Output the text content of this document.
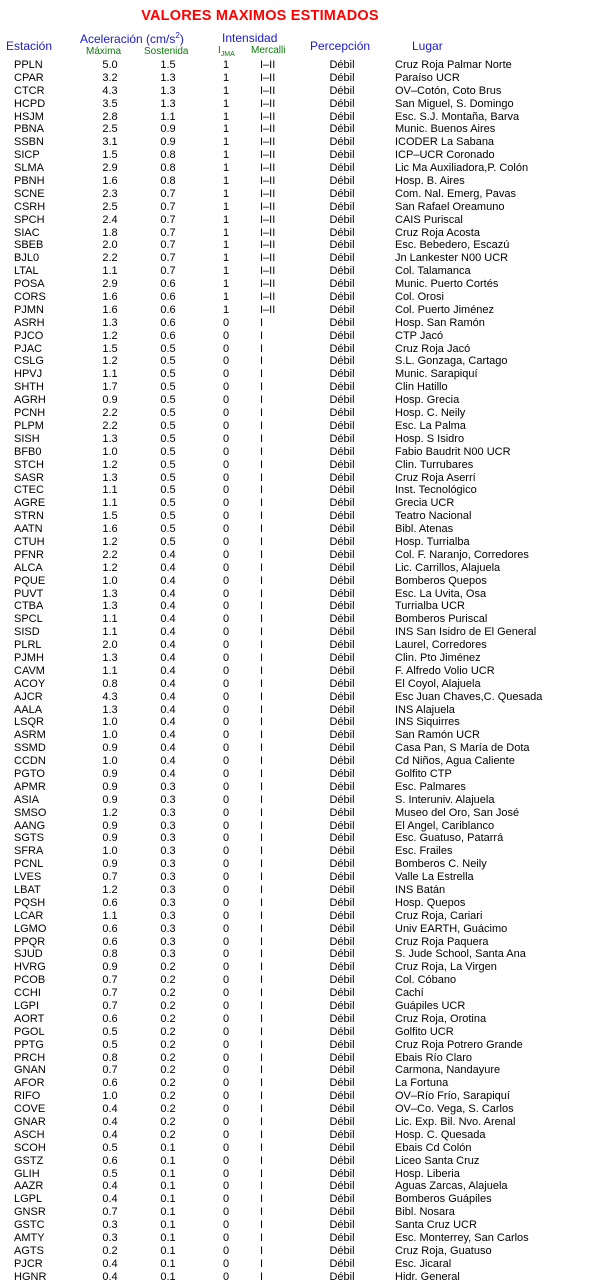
VALORES MAXIMOS ESTIMADOS
Estación Aceleración $(cm/s^2)$
Máxima Sostenida
Intensidad
$I_{JMA}$ Mercalli Percepción	Lugar
PPLN	5.0	1.5	1	I–II	Débil	Cruz Roja Palmar Norte
CPAR	3.2	1.3	1	I–II	Débil	Paraíso UCR
CTCR	4.3	1.3	1	I–II	Débil	OV–Cotón, Coto Brus
HCPD	3.5	1.3	1	I–II	Débil	San Miguel, S. Domingo
HSJM	2.8	1.1	1	I–II	Débil	Esc. S.J. Montaña, Barva
PBNA	2.5	0.9	1	I–II	Débil	Munic. Buenos Aires
SSBN	3.1	0.9	1	I–II	Débil	ICODER La Sabana
SICP	1.5	0.8	1	I–II	Débil	ICP–UCR Coronado
SLMA	2.9	0.8	1	I–II	Débil	Lic Ma Auxiliadora,P. Colón
PBNH	1.6	0.8	1	I–II	Débil	Hosp. B. Aires
SCNE	2.3	0.7	1	I–II	Débil	Com. Nal. Emerg, Pavas
CSRH	2.5	0.7	1	I–II	Débil	San Rafael Oreamuno
SPCH	2.4	0.7	1	I–II	Débil	CAIS Puriscal
SIAC	1.8	0.7	1	I–II	Débil	Cruz Roja Acosta
SBEB	2.0	0.7	1	I–II	Débil	Esc. Bebedero, Escazú
BJL0	2.2	0.7	1	I–II	Débil	Jn Lankester N00 UCR
LTAL	1.1	0.7	1	I–II	Débil	Col. Talamanca
POSA	2.9	0.6	1	I–II	Débil	Munic. Puerto Cortés
CORS	1.6	0.6	1	I–II	Débil	Col. Orosi
PJMN	1.6	0.6	1	I–II	Débil	Col. Puerto Jiménez
ASRH	1.3	0.6	0	I	Débil	Hosp. San Ramón
PJCO	1.2	0.6	0	I	Débil	CTP Jacó
PJAC	1.5	0.5	0	I	Débil	Cruz Roja Jacó
CSLG	1.2	0.5	0	I	Débil	S.L. Gonzaga, Cartago
HPVJ	1.1	0.5	0	I	Débil	Munic. Sarapiquí
SHTH	1.7	0.5	0	I	Débil	Clin Hatillo
AGRH	0.9	0.5	0	I	Débil	Hosp. Grecia
PCNH	2.2	0.5	0	I	Débil	Hosp. C. Neily
PLPM	2.2	0.5	0	I	Débil	Esc. La Palma
SISH	1.3	0.5	0	I	Débil	Hosp. S Isidro
BFB0	1.0	0.5	0	I	Débil	Fabio Baudrit N00 UCR
STCH	1.2	0.5	0	I	Débil	Clin. Turrubares
SASR	1.3	0.5	0	I	Débil	Cruz Roja Aserrí
CTEC	1.1	0.5	0	I	Débil	Inst. Tecnológico
AGRE	1.1	0.5	0	I	Débil	Grecia UCR
STRN	1.5	0.5	0	I	Débil	Teatro Nacional
AATN	1.6	0.5	0	I	Débil	Bibl. Atenas
CTUH	1.2	0.5	0	I	Débil	Hosp. Turrialba
PFNR	2.2	0.4	0	I	Débil	Col. F. Naranjo, Corredores
ALCA	1.2	0.4	0	I	Débil	Lic. Carrillos, Alajuela
PQUE	1.0	0.4	0	I	Débil	Bomberos Quepos
PUVT	1.3	0.4	0	I	Débil	Esc. La Uvita, Osa
CTBA	1.3	0.4	0	I	Débil	Turrialba UCR
SPCL	1.1	0.4	0	I	Débil	Bomberos Puriscal
SISD	1.1	0.4	0	I	Débil	INS San Isidro de El General
PLRL	2.0	0.4	0	I	Débil	Laurel, Corredores
PJMH	1.3	0.4	0	I	Débil	Clin. Pto Jiménez
CAVM	1.1	0.4	0	I	Débil	F. Alfredo Volio UCR
ACOY	0.8	0.4	0	I	Débil	El Coyol, Alajuela
AJCR	4.3	0.4	0	I	Débil	Esc Juan Chaves,C. Quesada
AALA	1.3	0.4	0	I	Débil	INS Alajuela
LSQR	1.0	0.4	0	I	Débil	INS Siquirres
ASRM	1.0	0.4	0	I	Débil	San Ramón UCR
SSMD	0.9	0.4	0	I	Débil	Casa Pan, S María de Dota
CCDN	1.0	0.4	0	I	Débil	Cd Niños, Agua Caliente
PGTO	0.9	0.4	0	I	Débil	Golfito CTP
APMR	0.9	0.3	0	I	Débil	Esc. Palmares
ASIA	0.9	0.3	0	I	Débil	S. Interuniv. Alajuela
SMSO	1.2	0.3	0	I	Débil	Museo del Oro, San José
AANG	0.9	0.3	0	I	Débil	El Angel, Cariblanco
SGTS	0.9	0.3	0	I	Débil	Esc. Guatuso, Patarrá
SFRA	1.0	0.3	0	I	Débil	Esc. Frailes
PCNL	0.9	0.3	0	I	Débil	Bomberos C. Neily
LVES	0.7	0.3	0	I	Débil	Valle La Estrella
LBAT	1.2	0.3	0	I	Débil	INS Batán
PQSH	0.6	0.3	0	I	Débil	Hosp. Quepos
LCAR	1.1	0.3	0	I	Débil	Cruz Roja, Cariari
LGMO	0.6	0.3	0	I	Débil	Univ EARTH, Guácimo
PPQR	0.6	0.3	0	I	Débil	Cruz Roja Paquera
SJUD	0.8	0.3	0	I	Débil	S. Jude School, Santa Ana
HVRG	0.9	0.2	0	I	Débil	Cruz Roja, La Virgen
PCOB	0.7	0.2	0	I	Débil	Col. Cóbano
CCHI	0.7	0.2	0	I	Débil	Cachí
LGPI	0.7	0.2	0	I	Débil	Guápiles UCR
AORT	0.6	0.2	0	I	Débil	Cruz Roja, Orotina
PGOL	0.5	0.2	0	I	Débil	Golfito UCR
PPTG	0.5	0.2	0	I	Débil	Cruz Roja Potrero Grande
PRCH	0.8	0.2	0	I	Débil	Ebais Río Claro
GNAN	0.7	0.2	0	I	Débil	Carmona, Nandayure
AFOR	0.6	0.2	0	I	Débil	La Fortuna
RIFO	1.0	0.2	0	I	Débil	OV–Río Frío, Sarapiquí
COVE	0.4	0.2	0	I	Débil	OV–Co. Vega, S. Carlos
GNAR	0.4	0.2	0	I	Débil	Lic. Exp. Bil. Nvo. Arenal
ASCH	0.4	0.2	0	I	Débil	Hosp. C. Quesada
SCOH	0.5	0.1	0	I	Débil	Ebais Cd Colón
GSTZ	0.6	0.1	0	I	Débil	Liceo Santa Cruz
GLIH	0.5	0.1	0	I	Débil	Hosp. Liberia
AAZR	0.4	0.1	0	I	Débil	Aguas Zarcas, Alajuela
LGPL	0.4	0.1	0	I	Débil	Bomberos Guápiles
GNSR	0.7	0.1	0	I	Débil	Bibl. Nosara
GSTC	0.3	0.1	0	I	Débil	Santa Cruz UCR
AMTY	0.3	0.1	0	I	Débil	Esc. Monterrey, San Carlos
AGTS	0.2	0.1	0	I	Débil	Cruz Roja, Guatuso
PJCR	0.4	0.1	0	I	Débil	Esc. Jicaral
HGNR	0.4	0.1	0	I	Débil	Hidr. General
